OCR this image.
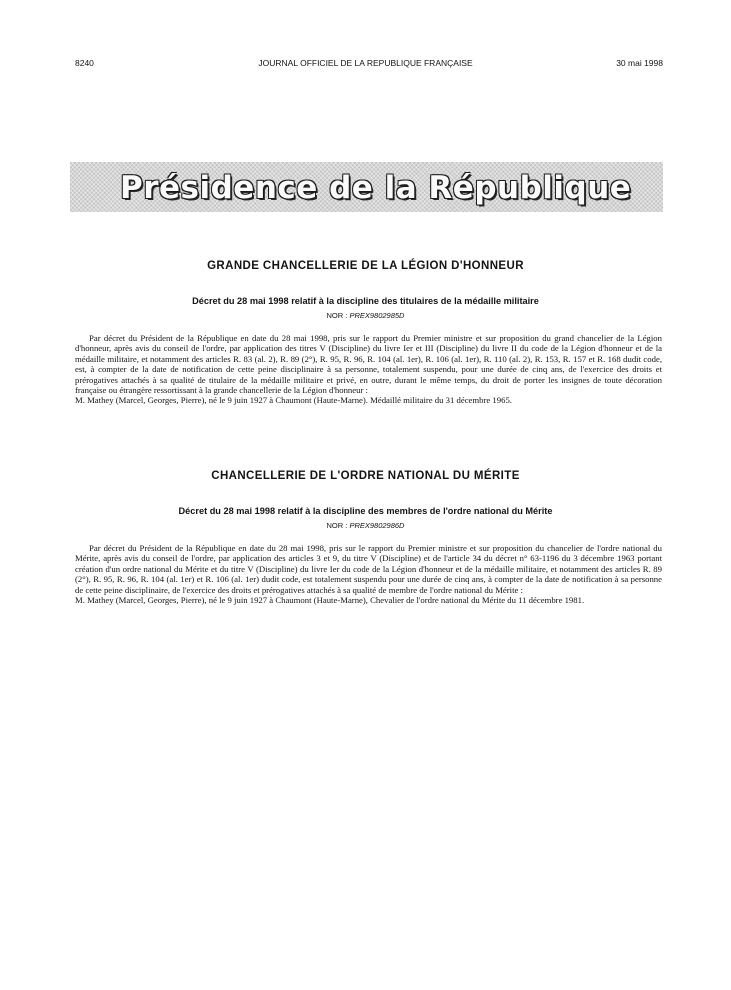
8240	JOURNAL OFFICIEL DE LA REPUBLIQUE FRANÇAISE	30 mai 1998
Présidence de la République
GRANDE CHANCELLERIE DE LA LÉGION D'HONNEUR
Décret du 28 mai 1998 relatif à la discipline des titulaires de la médaille militaire
NOR : PREX9802985D

Par décret du Président de la République en date du 28 mai 1998, pris sur le rapport du Premier ministre et sur proposition du grand chancelier de la Légion d'honneur, après avis du conseil de l'ordre, par application des titres V (Discipline) du livre Ier et III (Discipline) du livre II du code de la Légion d'honneur et de la médaille militaire, et notamment des articles R. 83 (al. 2), R. 89 (2°), R. 95, R. 96, R. 104 (al. 1er), R. 106 (al. 1er), R. 110 (al. 2), R. 153, R. 157 et R. 168 dudit code, est, à compter de la date de notification de cette peine disciplinaire à sa personne, totalement suspendu, pour une durée de cinq ans, de l'exercice des droits et prérogatives attachés à sa qualité de titulaire de la médaille militaire et privé, en outre, durant le même temps, du droit de porter les insignes de toute décoration française ou étrangère ressortissant à la grande chancellerie de la Légion d'honneur :

M. Mathey (Marcel, Georges, Pierre), né le 9 juin 1927 à Chaumont (Haute-Marne). Médaillé militaire du 31 décembre 1965.

CHANCELLERIE DE L'ORDRE NATIONAL DU MÉRITE
Décret du 28 mai 1998 relatif à la discipline des membres de l'ordre national du Mérite
NOR : PREX9802986D

Par décret du Président de la République en date du 28 mai 1998, pris sur le rapport du Premier ministre et sur proposition du chancelier de l'ordre national du Mérite, après avis du conseil de l'ordre, par application des articles 3 et 9, du titre V (Discipline) et de l'article 34 du décret n° 63-1196 du 3 décembre 1963 portant création d'un ordre national du Mérite et du titre V (Discipline) du livre Ier du code de la Légion d'honneur et de la médaille militaire, et notamment des articles R. 89 (2°), R. 95, R. 96, R. 104 (al. 1er) et R. 106 (al. 1er) dudit code, est totalement suspendu pour une durée de cinq ans, à compter de la date de notification à sa personne de cette peine disciplinaire, de l'exercice des droits et prérogatives attachés à sa qualité de membre de l'ordre national du Mérite :

M. Mathey (Marcel, Georges, Pierre), né le 9 juin 1927 à Chaumont (Haute-Marne), Chevalier de l'ordre national du Mérite du 11 décembre 1981.
